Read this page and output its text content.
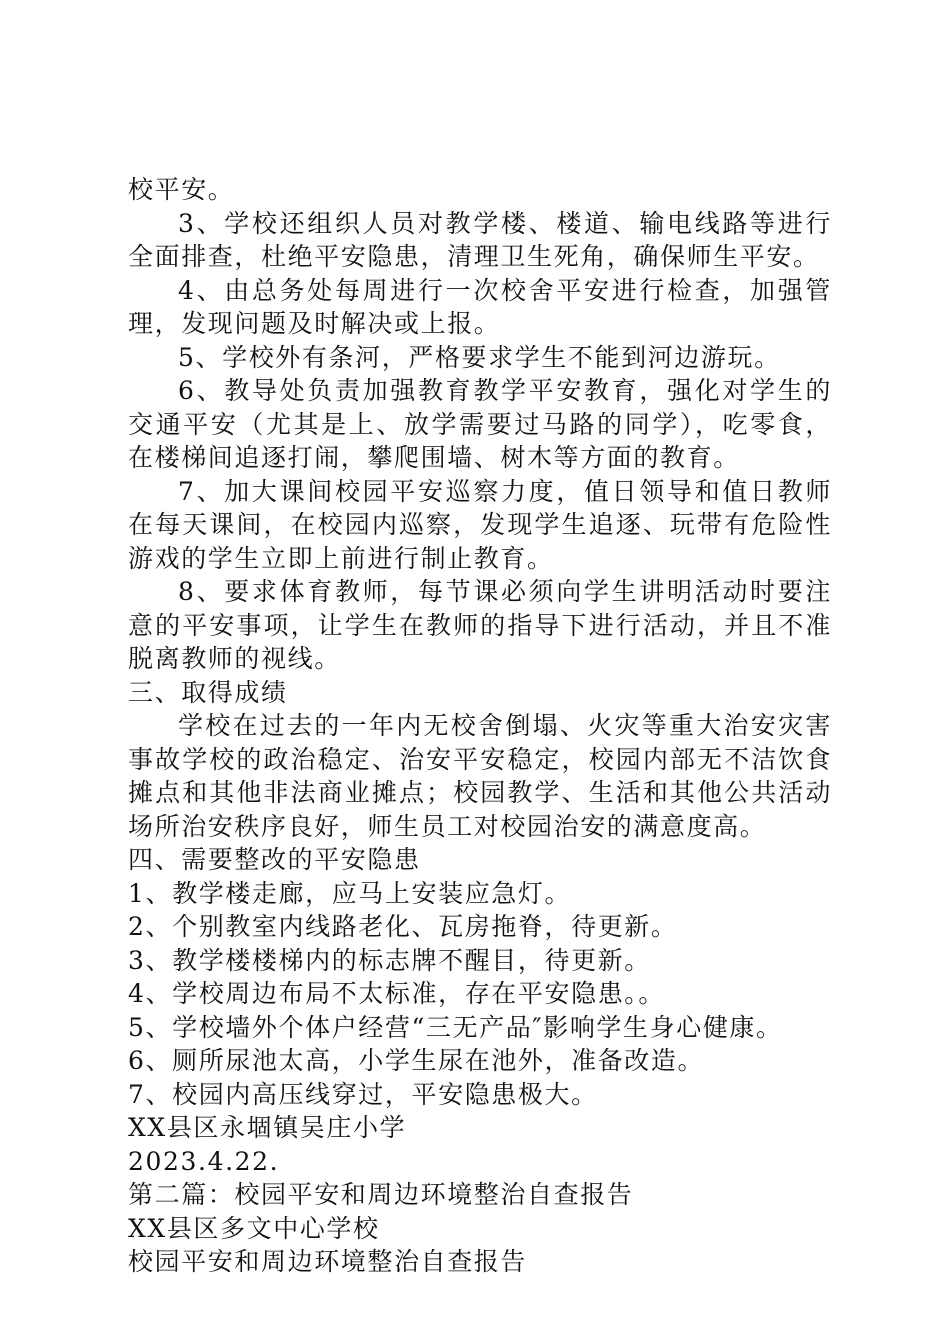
校平安。

3、学校还组织人员对教学楼、楼道、输电线路等进行全面排查，杜绝平安隐患，清理卫生死角，确保师生平安。

4、由总务处每周进行一次校舍平安进行检查，加强管理，发现问题及时解决或上报。

5、学校外有条河，严格要求学生不能到河边游玩。

6、教导处负责加强教育教学平安教育，强化对学生的交通平安（尤其是上、放学需要过马路的同学），吃零食，在楼梯间追逐打闹，攀爬围墙、树木等方面的教育。

7、加大课间校园平安巡察力度，值日领导和值日教师在每天课间，在校园内巡察，发现学生追逐、玩带有危险性游戏的学生立即上前进行制止教育。

8、要求体育教师，每节课必须向学生讲明活动时要注意的平安事项，让学生在教师的指导下进行活动，并且不准脱离教师的视线。

三、取得成绩

学校在过去的一年内无校舍倒塌、火灾等重大治安灾害事故学校的政治稳定、治安平安稳定，校园内部无不洁饮食摊点和其他非法商业摊点；校园教学、生活和其他公共活动场所治安秩序良好，师生员工对校园治安的满意度高。

四、需要整改的平安隐患

1、教学楼走廊，应马上安装应急灯。

2、个别教室内线路老化、瓦房拖脊，待更新。

3、教学楼楼梯内的标志牌不醒目，待更新。

4、学校周边布局不太标准，存在平安隐患。。

5、学校墙外个体户经营“三无产品″影响学生身心健康。

6、厕所尿池太高，小学生尿在池外，准备改造。

7、校园内高压线穿过，平安隐患极大。

XX县区永堌镇吴庄小学

2023.4.22.

第二篇：校园平安和周边环境整治自查报告

XX县区多文中心学校

校园平安和周边环境整治自查报告
